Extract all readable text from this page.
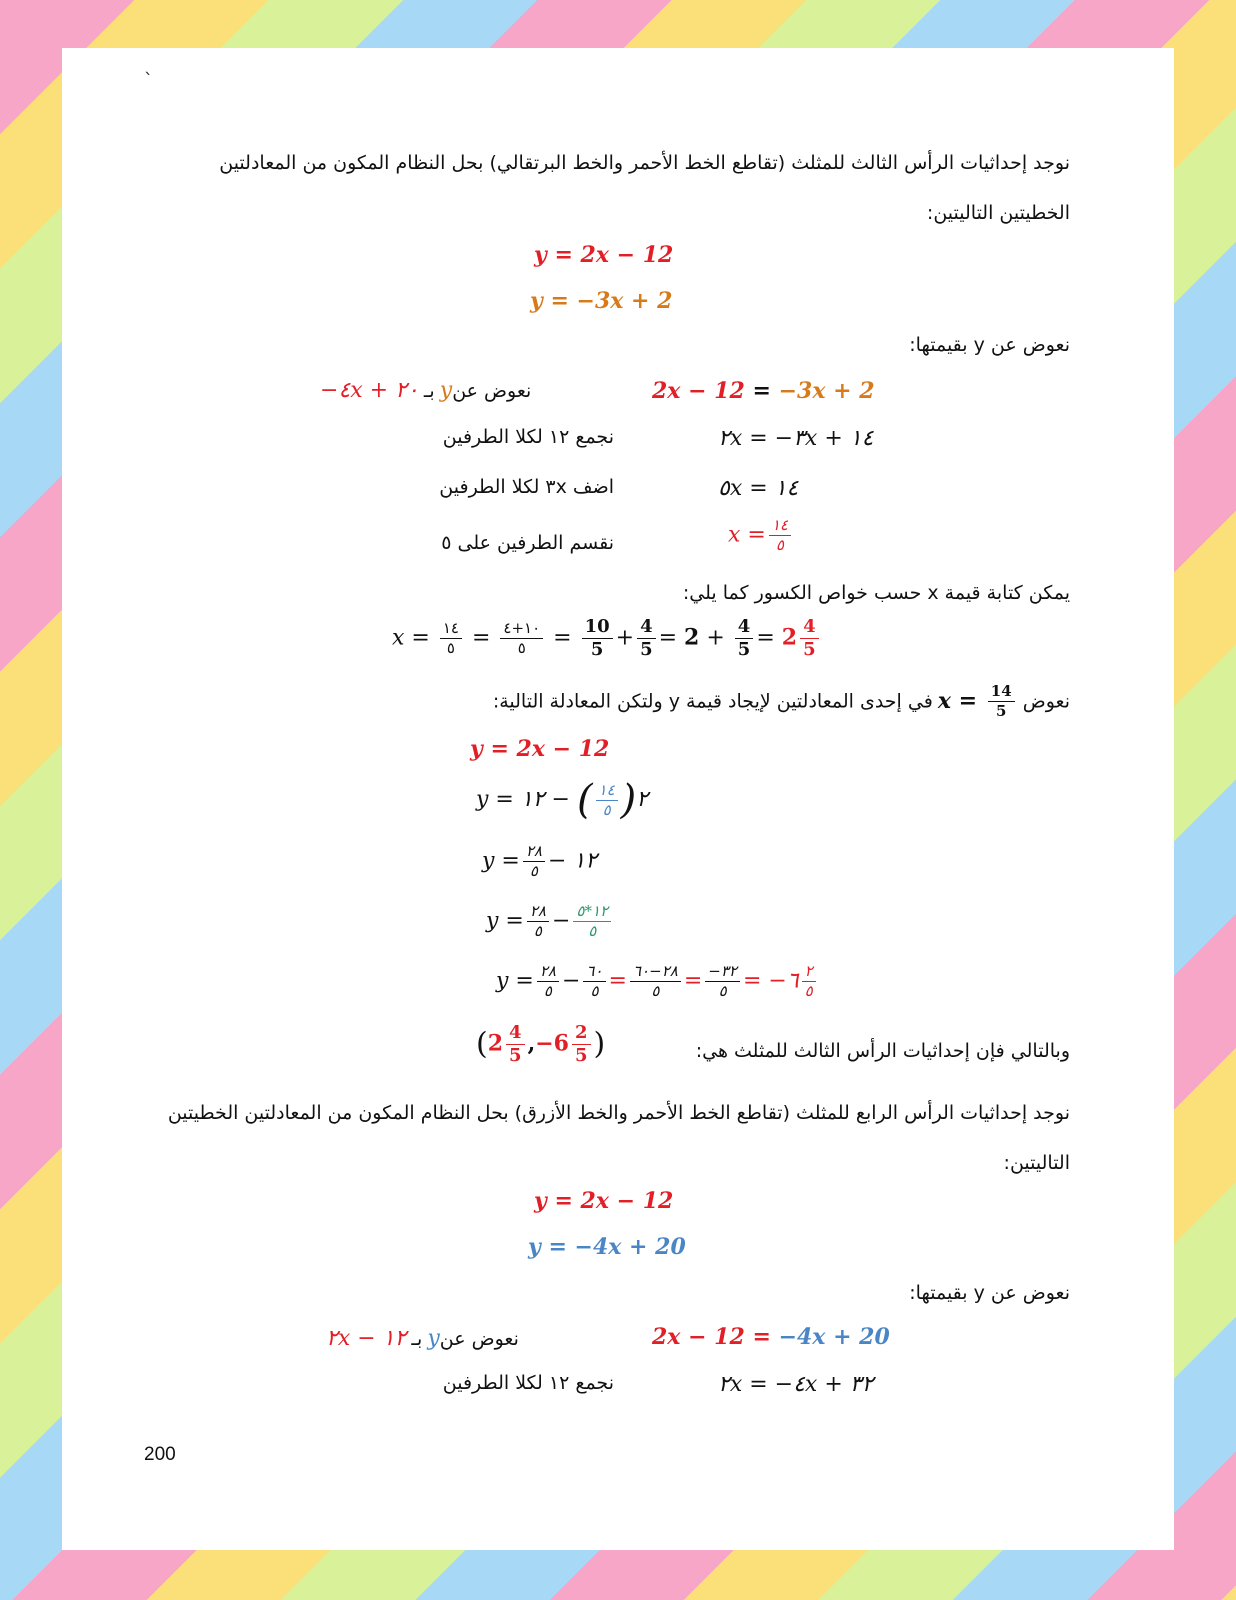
`
نوجد إحداثيات الرأس الثالث للمثلث (تقاطع الخط الأحمر والخط البرتقالي) بحل النظام المكون من المعادلتين
الخطيتين التاليتين:
y = 2x − 12
y = −3x + 2
نعوض عن y بقيمتها:
2x − 12 = −3x + 2
نعوض عنy بـ −٤x + ٢٠
٢x = −٣x + ١٤
نجمع ١٢ لكلا الطرفين
٥x = ١٤
اضف ٣x لكلا الطرفين
$x = \frac{١٤}{٥}$
نقسم الطرفين على ٥
يمكن كتابة قيمة x حسب خواص الكسور كما يلي:
$x = \frac{١٤}{٥} = \frac{١٠+٤}{٥} = \frac{10}{5} + \frac{4}{5} = 2 + \frac{4}{5} = 2 \frac{4}{5}$
نعوض $x = \frac{14}{5}$
في إحدى المعادلتين لإيجاد قيمة y ولتكن المعادلة التالية:
y = 2x − 12
y = ٢(
$\frac{١٤}{٥}$
) − ١٢
$y = \frac{٢٨}{٥}$ − ١٢
$y = \frac{٢٨}{٥} - \frac{١٢*٥}{٥}$
$y = \frac{٢٨}{٥} - \frac{٦٠}{٥} = \frac{٢٨-٦٠}{٥} = \frac{-٣٢}{٥}$ = −٦ $\frac{٢}{٥}$
وبالتالي فإن إحداثيات الرأس الثالث للمثلث هي:
($2 \frac{4}{5} ,-6 \frac{2}{5}$ )
نوجد إحداثيات الرأس الرابع للمثلث (تقاطع الخط الأحمر والخط الأزرق) بحل النظام المكون من المعادلتين الخطيتين
التاليتين:
y = 2x − 12
y = −4x + 20
نعوض عن y بقيمتها:
2x − 12 = −4x + 20
نعوض عنy بـ ٢x − ١٢
٢x = −٤x + ٣٢
نجمع ١٢ لكلا الطرفين
200
